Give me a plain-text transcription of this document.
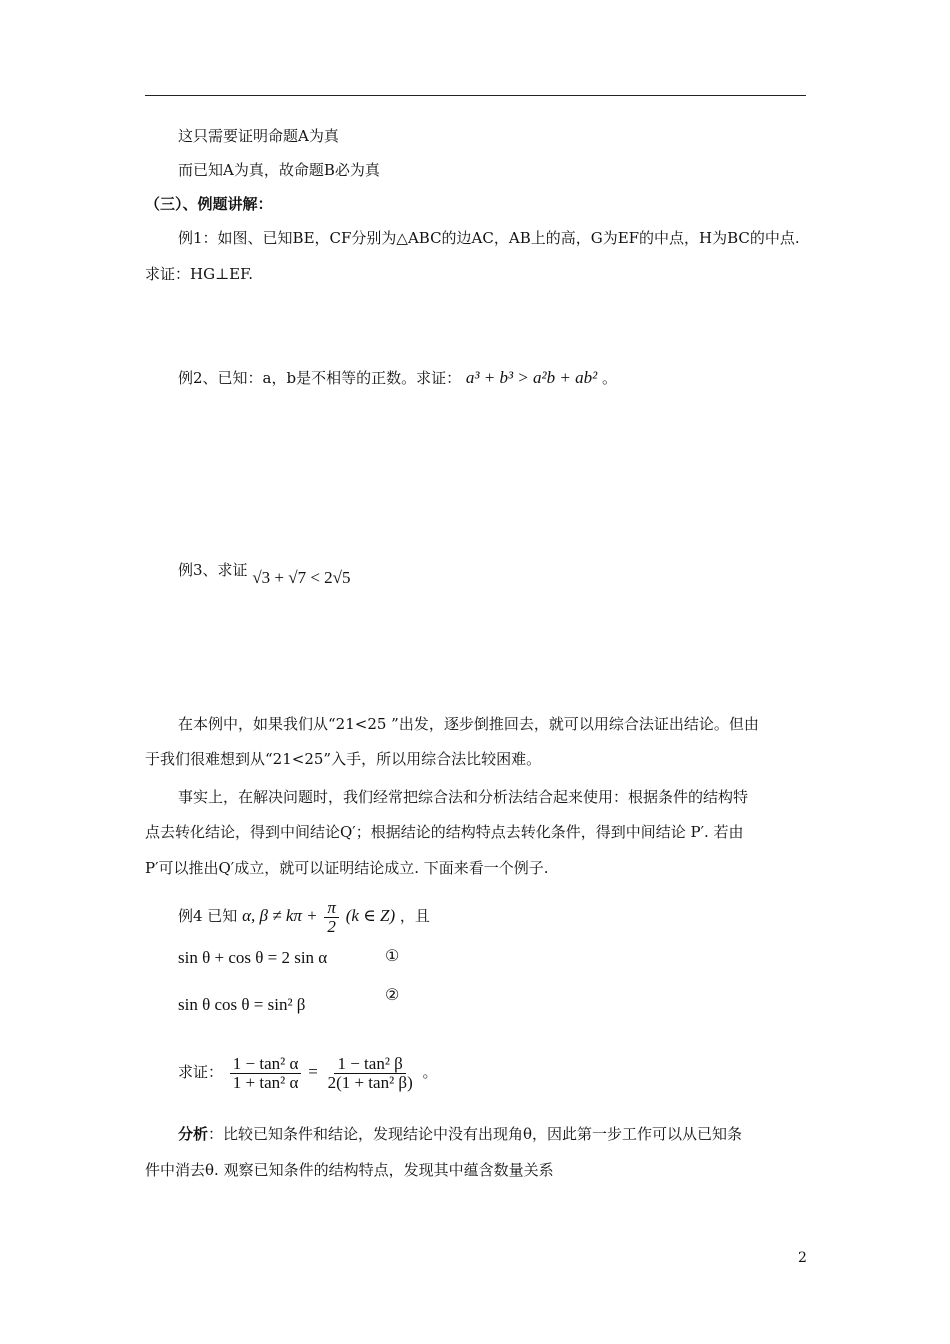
这只需要证明命题A为真
而已知A为真，故命题B必为真
（三）、例题讲解：
例1：如图、已知BE，CF分别为△ABC的边AC，AB上的高，G为EF的中点，H为BC的中点.
求证：HG⊥EF.
例2、已知：a，b是不相等的正数。求证： a³ + b³ > a²b + ab² 。
例3、求证 √3 + √7 < 2√5
在本例中，如果我们从“21<25 ”出发，逐步倒推回去，就可以用综合法证出结论。但由
于我们很难想到从“21<25”入手，所以用综合法比较困难。
事实上，在解决问题时，我们经常把综合法和分析法结合起来使用：根据条件的结构特
点去转化结论，得到中间结论Q′；根据结论的结构特点去转化条件，得到中间结论 P′. 若由
P′可以推出Q′成立，就可以证明结论成立. 下面来看一个例子.
例4 已知 α, $\beta \ne k\pi + \frac{\pi}{2} (k$ ∈ Z) ，且
sin θ + cos θ = 2 sin α	①
sin θ cos θ = sin² β
②
求证： $\frac{\text{1 − tan² α}}{\text{1 + tan² α}} = \frac{\text{1 − tan² β}}{\text{2(1 + tan² β)}}$ 。
分析：比较已知条件和结论，发现结论中没有出现角θ，因此第一步工作可以从已知条
件中消去θ. 观察已知条件的结构特点，发现其中蕴含数量关系
2
